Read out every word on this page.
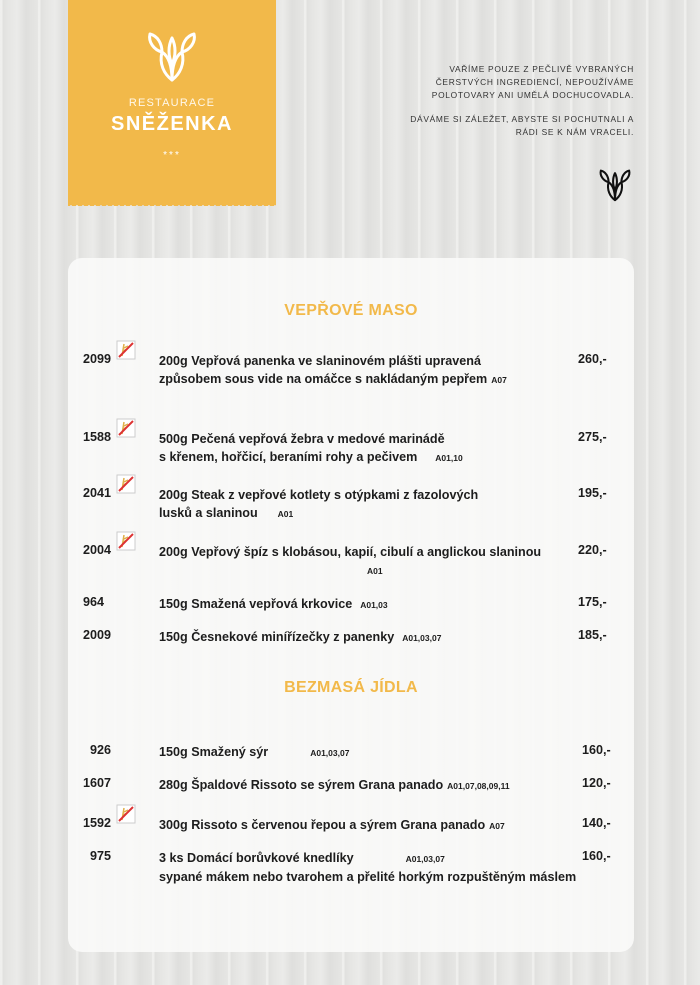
RESTAURACE
SNĚŽENKA
***

VAŘÍME POUZE Z PEČLIVĚ VYBRANÝCH ČERSTVÝCH INGREDIENCÍ, NEPOUŽÍVÁME POLOTOVARY ANI UMĚLÁ DOCHUCOVADLA.

DÁVÁME SI ZÁLEŽET, ABYSTE SI POCHUTNALI A RÁDI SE K NÁM VRACELI.

VEPŘOVÉ MASO
2099	200g Vepřová panenka ve slaninovém plášti upravená
způsobem sous vide na omáčce s nakládaným pepřem A07
260,-
1588	500g Pečená vepřová žebra v medové marinádě
s křenem, hořčicí, beraními rohy a pečivem A01,10
275,-
2041	200g Steak z vepřové kotlety s otýpkami z fazolových
lusků a slaninou A01
195,-
2004	200g Vepřový špíz s klobásou, kapií, cibulí a anglickou slaninou
A01
220,-
964	150g Smažená vepřová krkovice A01,03	175,-
2009	150g Česnekové minířízečky z panenky A01,03,07	185,-
BEZMASÁ JÍDLA
926	150g Smažený sýr	A01,03,07	160,-
1607	280g Špaldové Rissoto se sýrem Grana panado A01,07,08,09,11	120,-
1592	300g Rissoto s červenou řepou a sýrem Grana panado A07	140,-
975	3 ks Domácí borůvkové knedlíky	A01,03,07
sypané mákem nebo tvarohem a přelité horkým rozpuštěným máslem
160,-
